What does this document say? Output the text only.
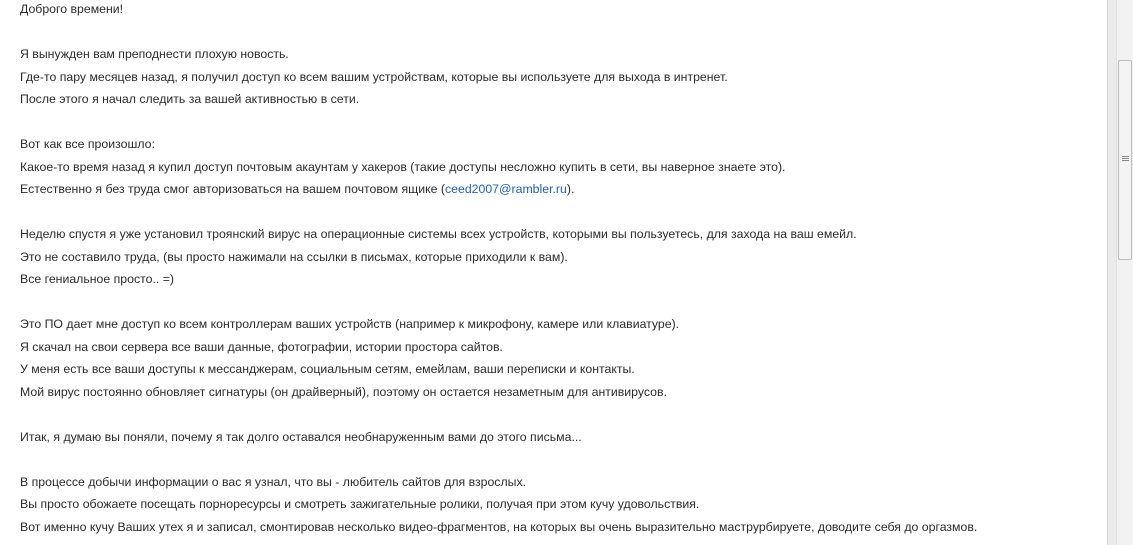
Доброго времени!
Я вынужден вам преподнести плохую новость.
Где-то пару месяцев назад, я получил доступ ко всем вашим устройствам, которые вы используете для выхода в интренет.
После этого я начал следить за вашей активностью в сети.
Вот как все произошло:
Какое-то время назад я купил доступ почтовым акаунтам у хакеров (такие доступы несложно купить в сети, вы наверное знаете это).
Естественно я без труда смог авторизоваться на вашем почтовом ящике (ceed2007@rambler.ru).
Неделю спустя я уже установил троянский вирус на операционные системы всех устройств, которыми вы пользуетесь, для захода на ваш емейл.
Это не составило труда, (вы просто нажимали на ссылки в письмах, которые приходили к вам).
Все гениальное просто.. =)
Это ПО дает мне доступ ко всем контроллерам ваших устройств (например к микрофону, камере или клавиатуре).
Я скачал на свои сервера все ваши данные, фотографии, истории простора сайтов.
У меня есть все ваши доступы к мессанджерам, социальным сетям, емейлам, ваши переписки и контакты.
Мой вирус постоянно обновляет сигнатуры (он драйверный), поэтому он остается незаметным для антивирусов.
Итак, я думаю вы поняли, почему я так долго оставался необнаруженным вами до этого письма...
В процессе добычи информации о вас я узнал, что вы - любитель сайтов для взрослых.
Вы просто обожаете посещать порноресурсы и смотреть зажигательные ролики, получая при этом кучу удовольствия.
Вот именно кучу Ваших утех я и записал, смонтировав несколько видео-фрагментов, на которых вы очень выразительно маструрбируете, доводите себя до оргазмов.
